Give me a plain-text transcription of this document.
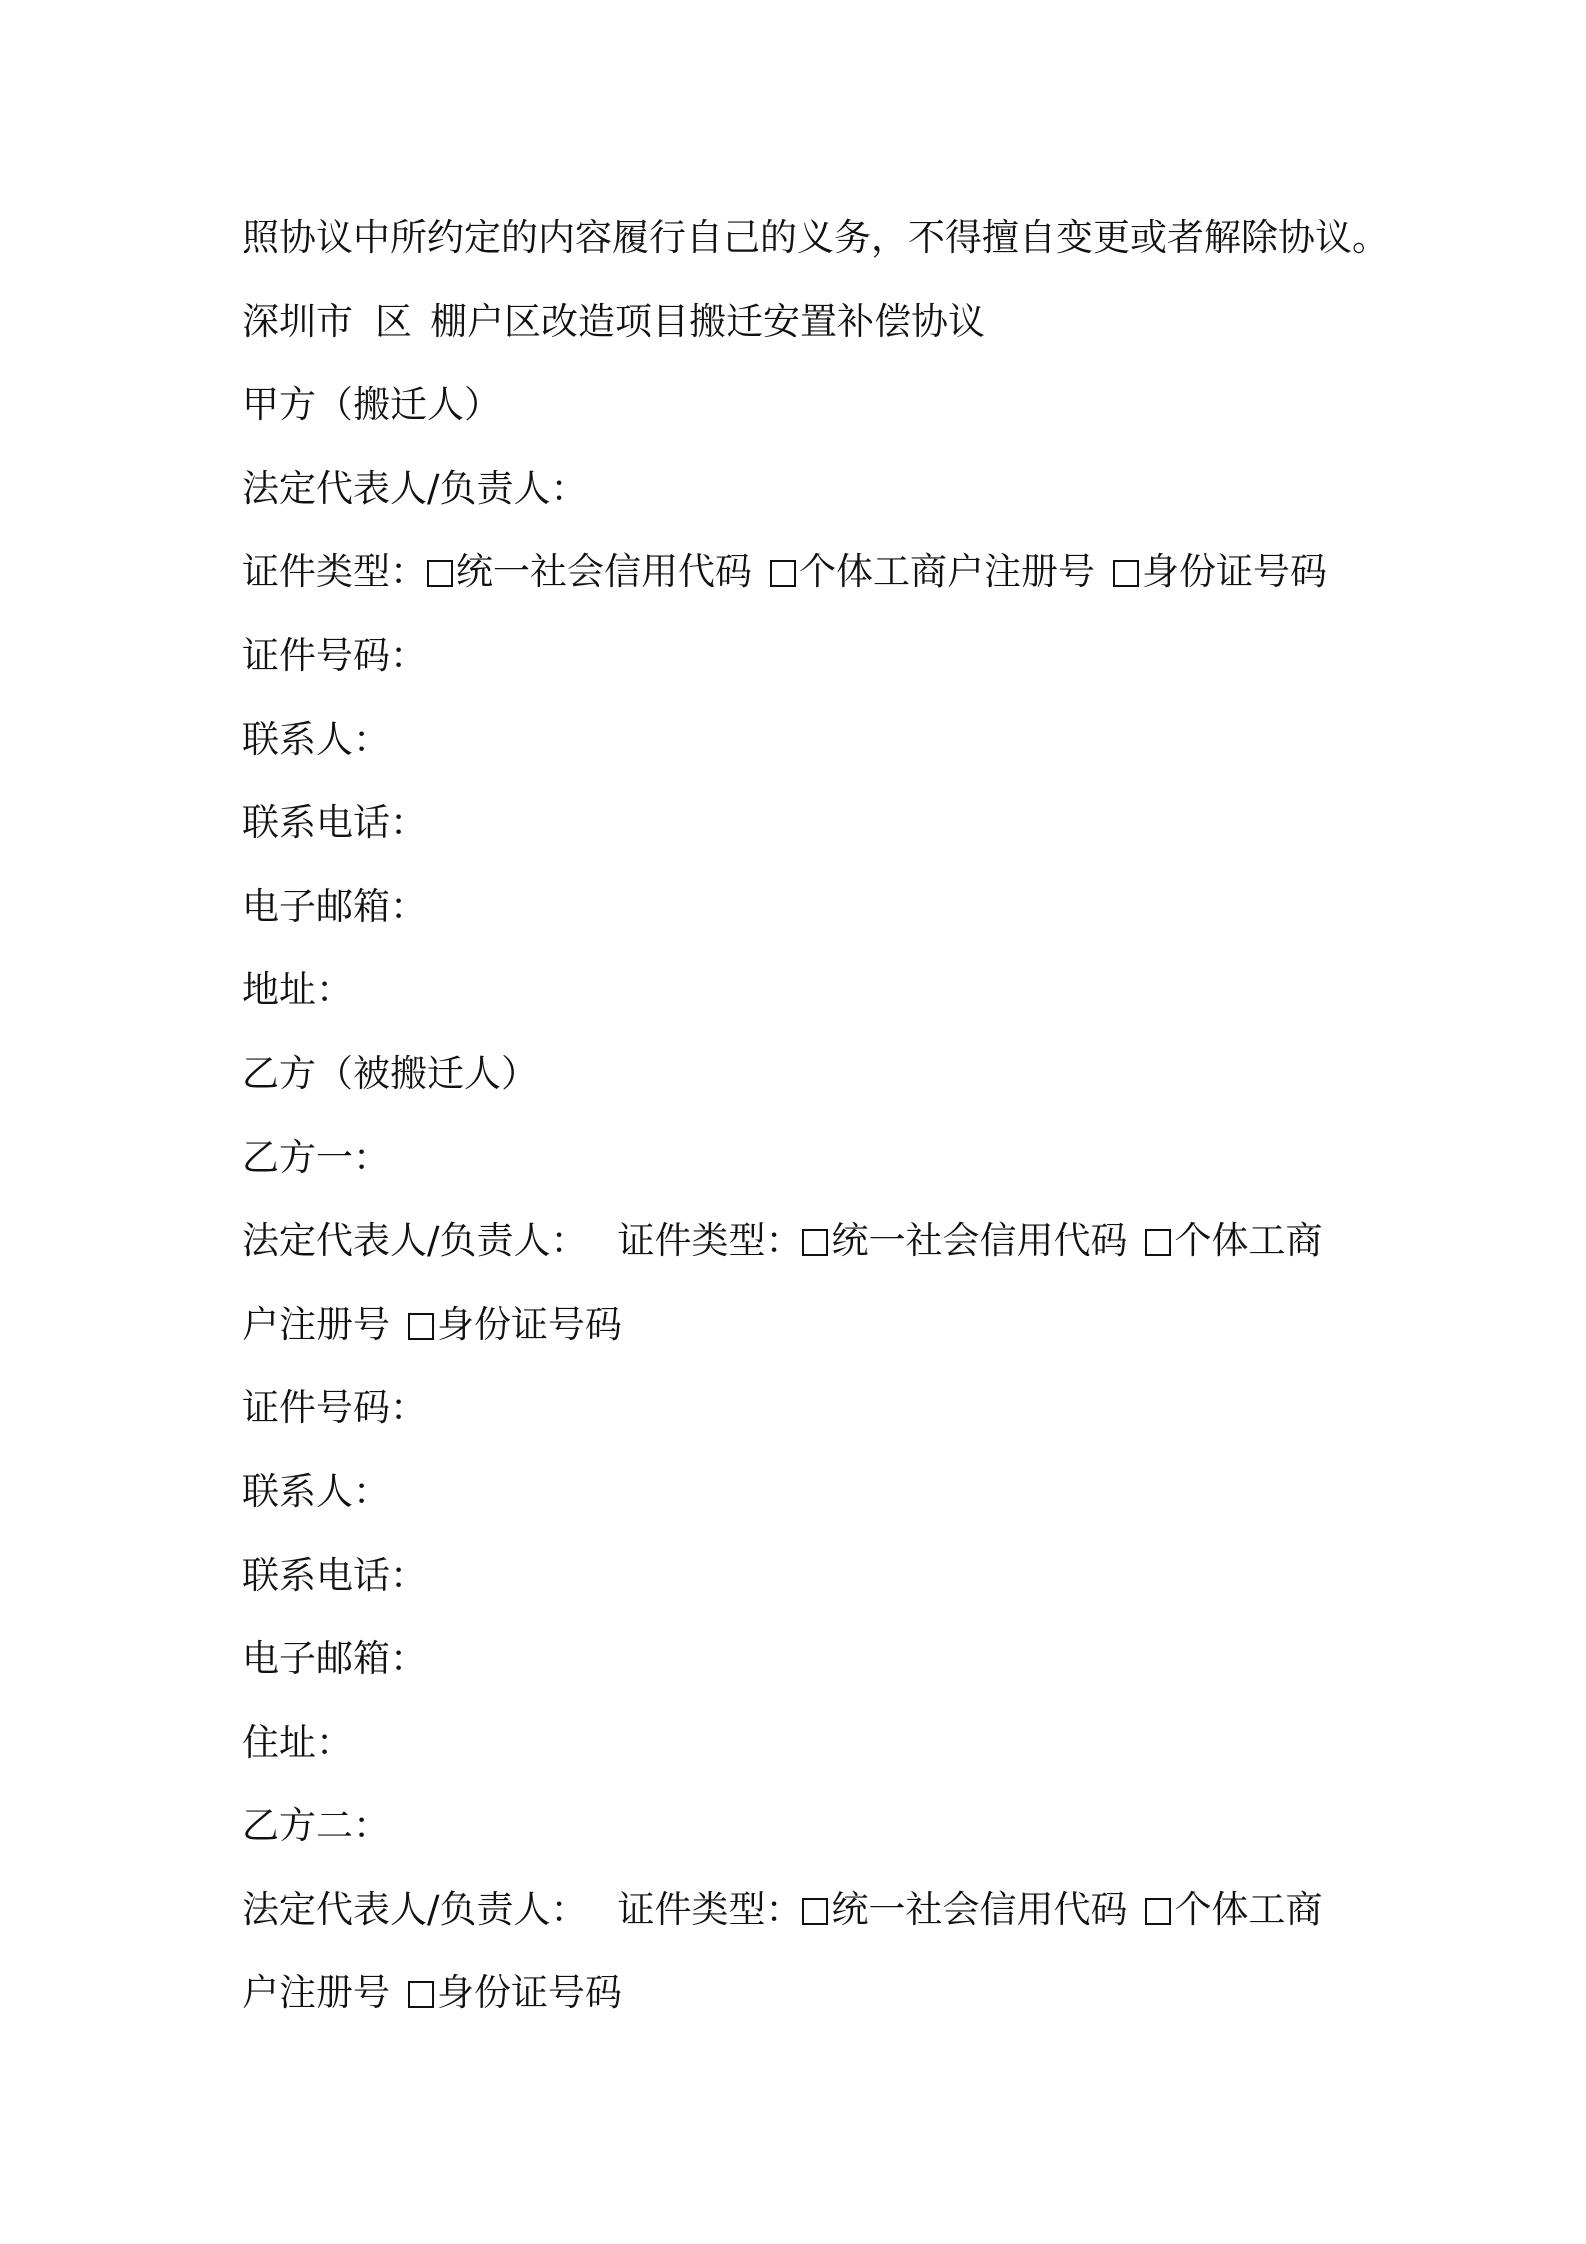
照协议中所约定的内容履行自己的义务，不得擅自变更或者解除协议。
深圳市 区 棚户区改造项目搬迁安置补偿协议
甲方（搬迁人）
法定代表人/负责人：
证件类型： 统一社会信用代码 个体工商户注册号 身份证号码
证件号码：
联系人：
联系电话：
电子邮箱：
地址：
乙方（被搬迁人）
乙方一：
法定代表人/负责人： 证件类型： 统一社会信用代码 个体工商
户注册号 身份证号码
证件号码：
联系人：
联系电话：
电子邮箱：
住址：
乙方二：
法定代表人/负责人： 证件类型： 统一社会信用代码 个体工商
户注册号 身份证号码
